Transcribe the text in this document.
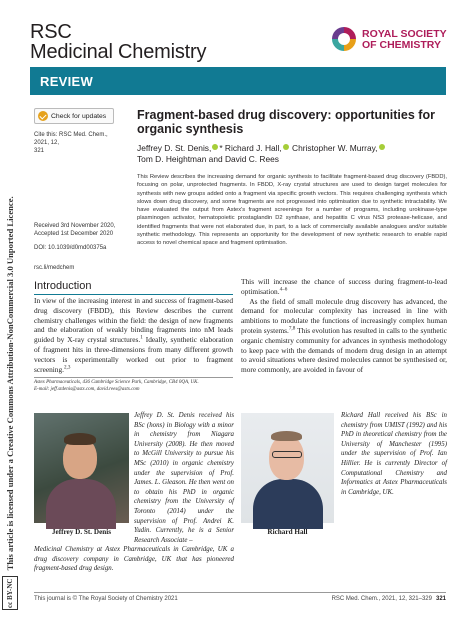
cc BY-NC This article is licensed under a Creative Commons Attribution-NonCommercial 3.0 Unported Licence.
RSC
Medicinal Chemistry
ROYAL SOCIETY
OF CHEMISTRY
REVIEW
Check for updates
Cite this: RSC Med. Chem., 2021, 12,
321
Received 3rd November 2020,
Accepted 1st December 2020
DOI: 10.1039/d0md00375a
rsc.li/medchem
Fragment-based drug discovery: opportunities for organic synthesis
Jeffrey D. St. Denis, * Richard J. Hall, Christopher W. Murray,
Tom D. Heightman and David C. Rees
This Review describes the increasing demand for organic synthesis to facilitate fragment-based drug discovery (FBDD), focusing on polar, unprotected fragments. In FBDD, X-ray crystal structures are used to design target molecules for synthesis with new groups added onto a fragment via specific growth vectors. This requires challenging synthesis which slows down drug discovery, and some fragments are not progressed into optimisation due to synthetic intractability. We have evaluated the output from Astex's fragment screenings for a number of programs, including urokinase-type plasminogen activator, hematopoietic prostaglandin D2 synthase, and hepatitis C virus NS3 protease-helicase, and identified fragments that were not elaborated due, in part, to a lack of commercially available analogues and/or suitable synthetic methodology. This represents an opportunity for the development of new synthetic research to enable rapid access to novel chemical space and fragment optimisation.
Introduction
In view of the increasing interest in and success of fragment-based drug discovery (FBDD), this Review describes the current chemistry challenges within the field: the design of new fragments and the elaboration of weakly binding fragments into nM leads guided by X-ray crystal structures.$^1$ Ideally, synthetic elaboration of fragment hits in three-dimensions from many different growth vectors is experimentally worked out prior to fragment screening.$^{2,3}$
This will increase the chance of success during fragment-to-lead optimisation.$^{4-6}$
As the field of small molecule drug discovery has advanced, the demand for molecular complexity has increased in line with ambitions to modulate the functions of increasingly complex human protein systems.$^{7,8}$ This evolution has resulted in calls to the synthetic organic chemistry community for advances in synthesis methodology to keep pace with the demands of modern drug design in an attempt to avoid situations where desired molecules cannot be synthesised or, more commonly, are avoided in favour of
Astex Pharmaceuticals, 436 Cambridge Science Park, Cambridge, CB4 0QA, UK.
E-mail: jeff.stdenis@astx.com, david.rees@astx.com
Jeffrey D. St. Denis
Jeffrey D. St. Denis received his BSc (hons) in Biology with a minor in chemistry from Niagara University (2008). He then moved to McGill University to pursue his MSc (2010) in organic chemistry under the supervision of Prof. James. L. Gleason. He then went on to obtain his PhD in organic chemistry from the University of Toronto (2014) under the supervision of Prof. Andrei K. Yudin. Currently, he is a Senior Research Associate –
Medicinal Chemistry at Astex Pharmaceuticals in Cambridge, UK a drug discovery company in Cambridge, UK that has pioneered fragment-based drug design.
Richard Hall
Richard Hall received his BSc in chemistry from UMIST (1992) and his PhD in theoretical chemistry from the University of Manchester (1995) under the supervision of Prof. Ian Hillier. He is currently Director of Computational Chemistry and Informatics at Astex Pharmaceuticals in Cambridge, UK.
This journal is © The Royal Society of Chemistry 2021	RSC Med. Chem., 2021, 12, 321–329 321
